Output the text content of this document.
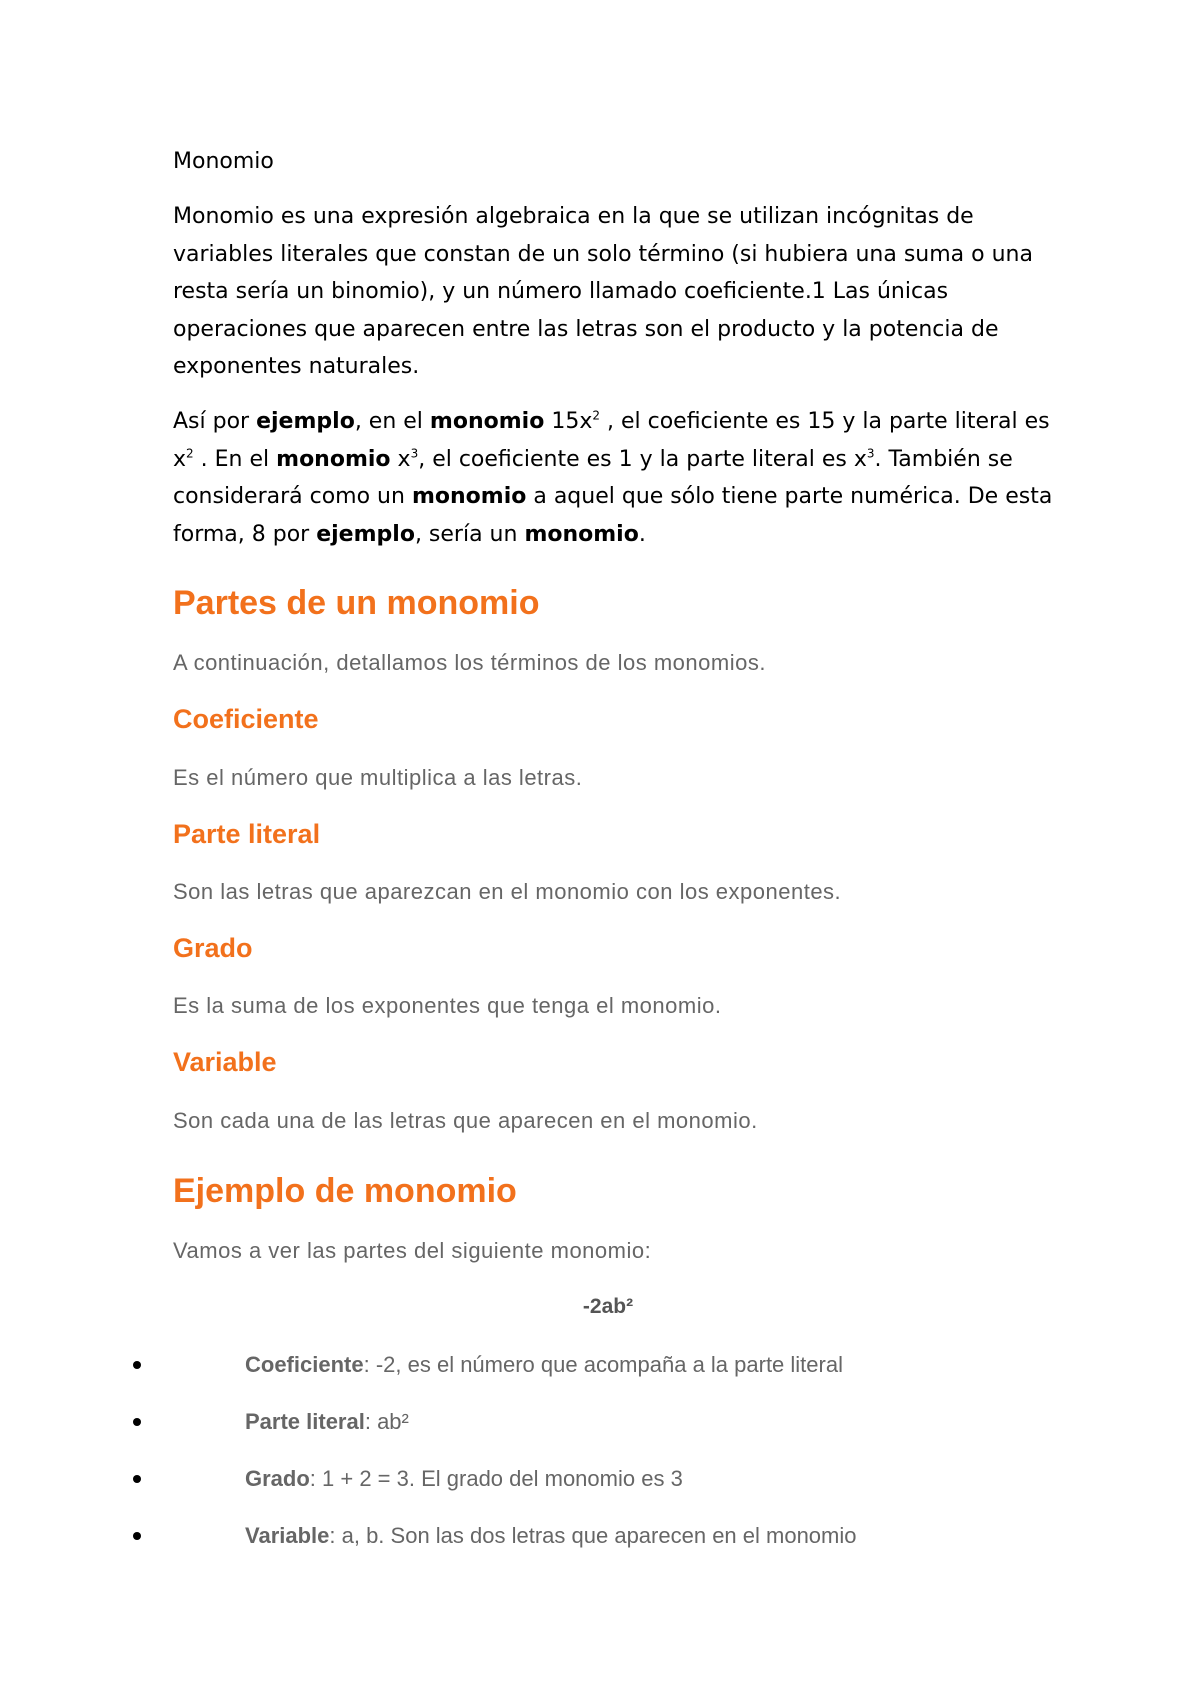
Monomio

Monomio es una expresión algebraica en la que se utilizan incógnitas de variables literales que constan de un solo término (si hubiera una suma o una resta sería un binomio), y un número llamado coeficiente.1 Las únicas operaciones que aparecen entre las letras son el producto y la potencia de exponentes naturales.

Así por ejemplo, en el monomio $15x^2$ , el coeficiente es 15 y la parte literal es $x^2$ . En el monomio $x^3$, el coeficiente es 1 y la parte literal es $x^3$. También se considerará como un monomio a aquel que sólo tiene parte numérica. De esta forma, 8 por ejemplo, sería un monomio.

Partes de un monomio

A continuación, detallamos los términos de los monomios.

Coeficiente

Es el número que multiplica a las letras.

Parte literal

Son las letras que aparezcan en el monomio con los exponentes.

Grado

Es la suma de los exponentes que tenga el monomio.

Variable

Son cada una de las letras que aparecen en el monomio.

Ejemplo de monomio

Vamos a ver las partes del siguiente monomio:

-2ab²

Coeficiente: -2, es el número que acompaña a la parte literal
Parte literal: ab²
Grado: 1 + 2 = 3. El grado del monomio es 3
Variable: a, b. Son las dos letras que aparecen en el monomio
